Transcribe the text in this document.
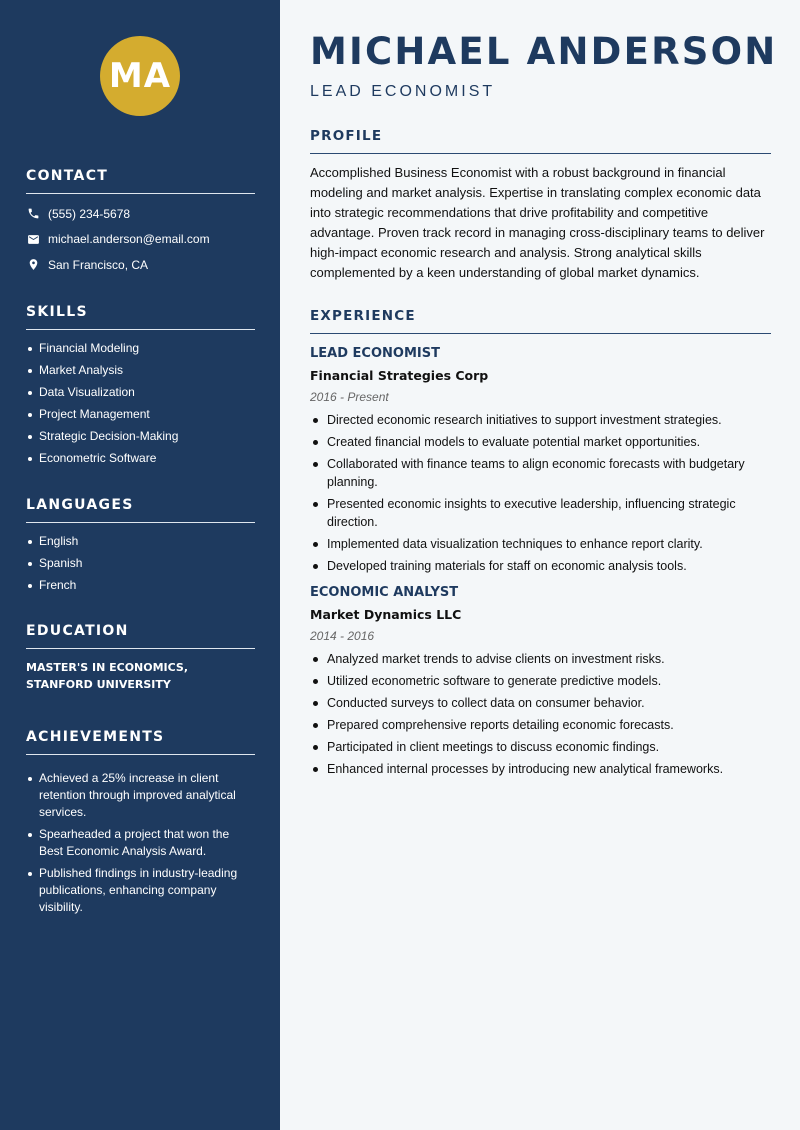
MA
CONTACT
(555) 234-5678
michael.anderson@email.com
San Francisco, CA
SKILLS
Financial Modeling
Market Analysis
Data Visualization
Project Management
Strategic Decision-Making
Econometric Software
LANGUAGES
English
Spanish
French
EDUCATION
MASTER'S IN ECONOMICS, STANFORD UNIVERSITY
ACHIEVEMENTS
Achieved a 25% increase in client retention through improved analytical services.
Spearheaded a project that won the Best Economic Analysis Award.
Published findings in industry-leading publications, enhancing company visibility.
MICHAEL ANDERSON
LEAD ECONOMIST
PROFILE
Accomplished Business Economist with a robust background in financial modeling and market analysis. Expertise in translating complex economic data into strategic recommendations that drive profitability and competitive advantage. Proven track record in managing cross-disciplinary teams to deliver high-impact economic research and analysis. Strong analytical skills complemented by a keen understanding of global market dynamics.
EXPERIENCE
LEAD ECONOMIST
Financial Strategies Corp
2016 - Present
Directed economic research initiatives to support investment strategies.
Created financial models to evaluate potential market opportunities.
Collaborated with finance teams to align economic forecasts with budgetary planning.
Presented economic insights to executive leadership, influencing strategic direction.
Implemented data visualization techniques to enhance report clarity.
Developed training materials for staff on economic analysis tools.
ECONOMIC ANALYST
Market Dynamics LLC
2014 - 2016
Analyzed market trends to advise clients on investment risks.
Utilized econometric software to generate predictive models.
Conducted surveys to collect data on consumer behavior.
Prepared comprehensive reports detailing economic forecasts.
Participated in client meetings to discuss economic findings.
Enhanced internal processes by introducing new analytical frameworks.
